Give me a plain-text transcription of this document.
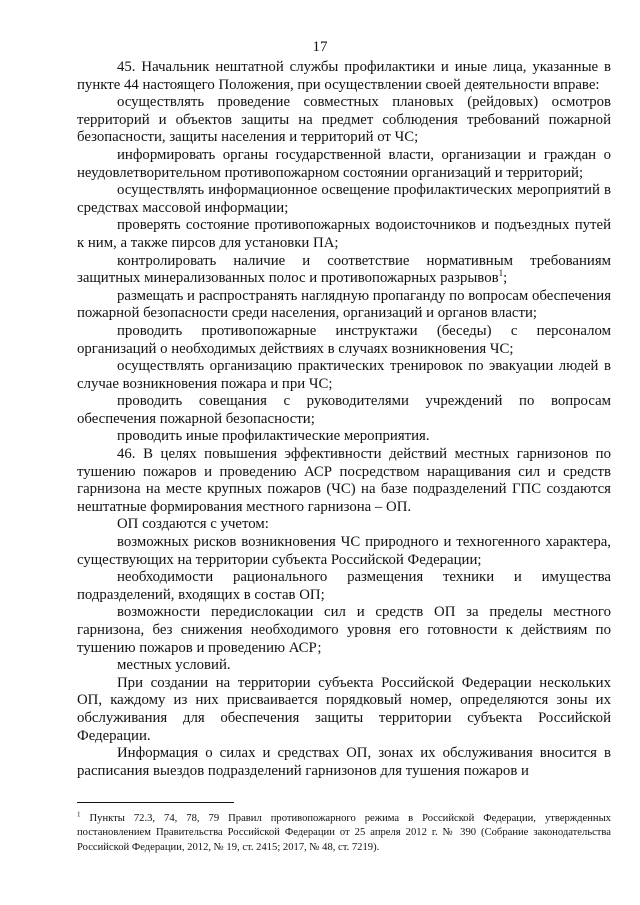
17

45. Начальник нештатной службы профилактики и иные лица, указанные в пункте 44 настоящего Положения, при осуществлении своей деятельности вправе:

осуществлять проведение совместных плановых (рейдовых) осмотров территорий и объектов защиты на предмет соблюдения требований пожарной безопасности, защиты населения и территорий от ЧС;

информировать органы государственной власти, организации и граждан о неудовлетворительном противопожарном состоянии организаций и территорий;

осуществлять информационное освещение профилактических мероприятий в средствах массовой информации;

проверять состояние противопожарных водоисточников и подъездных путей к ним, а также пирсов для установки ПА;

контролировать наличие и соответствие нормативным требованиям защитных минерализованных полос и противопожарных разрывов$^1$;

размещать и распространять наглядную пропаганду по вопросам обеспечения пожарной безопасности среди населения, организаций и органов власти;

проводить противопожарные инструктажи (беседы) с персоналом организаций о необходимых действиях в случаях возникновения ЧС;

осуществлять организацию практических тренировок по эвакуации людей в случае возникновения пожара и при ЧС;

проводить совещания с руководителями учреждений по вопросам обеспечения пожарной безопасности;

проводить иные профилактические мероприятия.

46. В целях повышения эффективности действий местных гарнизонов по тушению пожаров и проведению АСР посредством наращивания сил и средств гарнизона на месте крупных пожаров (ЧС) на базе подразделений ГПС создаются нештатные формирования местного гарнизона – ОП.

ОП создаются с учетом:

возможных рисков возникновения ЧС природного и техногенного характера, существующих на территории субъекта Российской Федерации;

необходимости рационального размещения техники и имущества подразделений, входящих в состав ОП;

возможности передислокации сил и средств ОП за пределы местного гарнизона, без снижения необходимого уровня его готовности к действиям по тушению пожаров и проведению АСР;

местных условий.

При создании на территории субъекта Российской Федерации нескольких ОП, каждому из них присваивается порядковый номер, определяются зоны их обслуживания для обеспечения защиты территории субъекта Российской Федерации.

Информация о силах и средствах ОП, зонах их обслуживания вносится в расписания выездов подразделений гарнизонов для тушения пожаров и

$^1$ Пункты 72.3, 74, 78, 79 Правил противопожарного режима в Российской Федерации, утвержденных постановлением Правительства Российской Федерации от 25 апреля 2012 г. № 390 (Собрание законодательства Российской Федерации, 2012, № 19, ст. 2415; 2017, № 48, ст. 7219).
